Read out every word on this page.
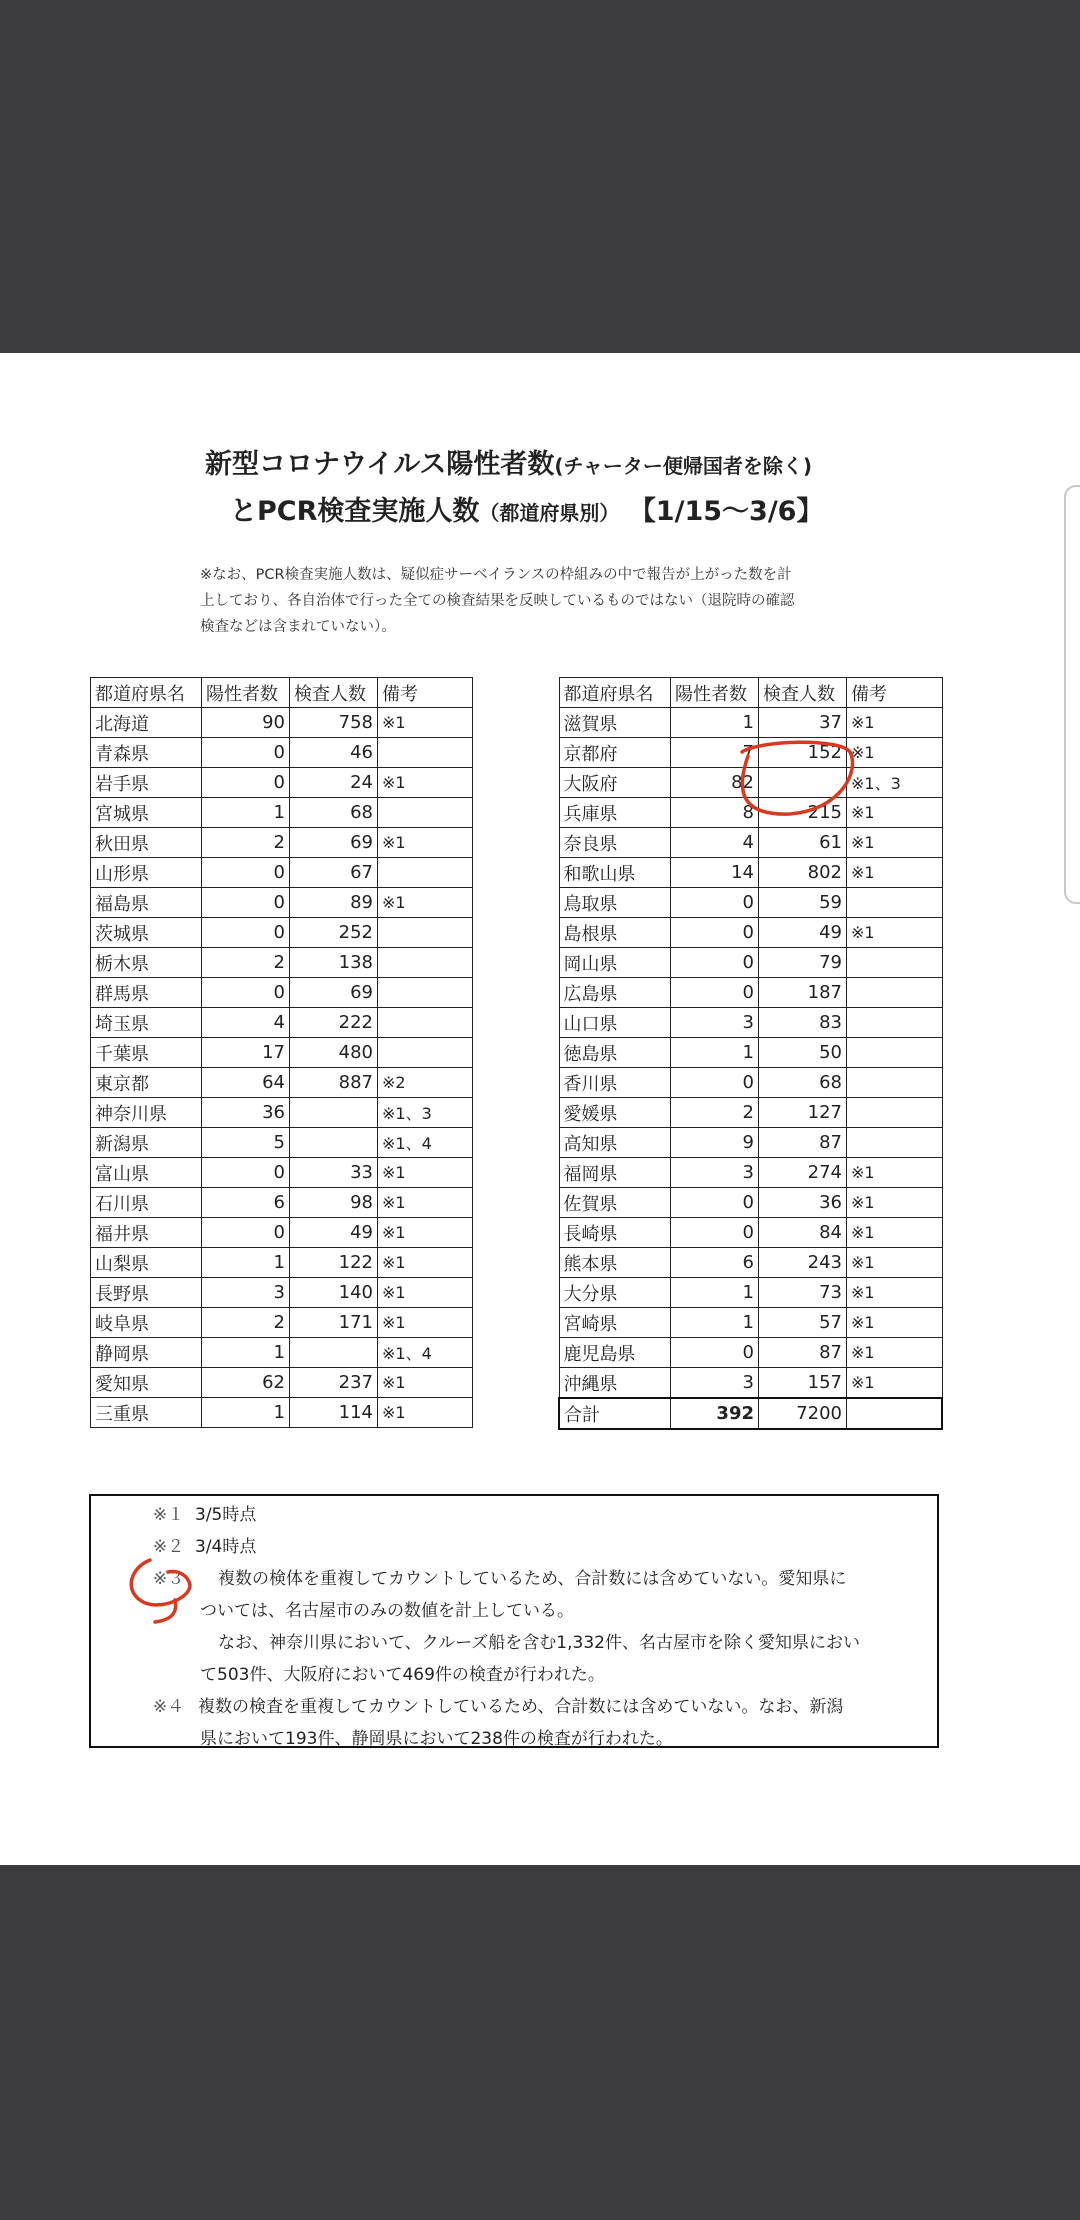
新型コロナウイルス陽性者数(チャーター便帰国者を除く)
とPCR検査実施人数（都道府県別） 【1/15～3/6】
※なお、PCR検査実施人数は、疑似症サーベイランスの枠組みの中で報告が上がった数を計
上しており、各自治体で行った全ての検査結果を反映しているものではない（退院時の確認
検査などは含まれていない）。
都道府県名	陽性者数	検査人数	備考
北海道	90	758	※1
青森県	0	46	
岩手県	0	24	※1
宮城県	1	68	
秋田県	2	69	※1
山形県	0	67	
福島県	0	89	※1
茨城県	0	252	
栃木県	2	138	
群馬県	0	69	
埼玉県	4	222	
千葉県	17	480	
東京都	64	887	※2
神奈川県	36		※1、3
新潟県	5		※1、4
富山県	0	33	※1
石川県	6	98	※1
福井県	0	49	※1
山梨県	1	122	※1
長野県	3	140	※1
岐阜県	2	171	※1
静岡県	1		※1、4
愛知県	62	237	※1
三重県	1	114	※1
都道府県名	陽性者数	検査人数	備考
滋賀県	1	37	※1
京都府	7	152	※1
大阪府	82		※1、3
兵庫県	8	215	※1
奈良県	4	61	※1
和歌山県	14	802	※1
鳥取県	0	59	
島根県	0	49	※1
岡山県	0	79	
広島県	0	187	
山口県	3	83	
徳島県	1	50	
香川県	0	68	
愛媛県	2	127	
高知県	9	87	
福岡県	3	274	※1
佐賀県	0	36	※1
長崎県	0	84	※1
熊本県	6	243	※1
大分県	1	73	※1
宮崎県	1	57	※1
鹿児島県	0	87	※1
沖縄県	3	157	※1
合計	392	7200	
※１ 3/5時点
※２ 3/4時点
※３ 複数の検体を重複してカウントしているため、合計数には含めていない。愛知県に
ついては、名古屋市のみの数値を計上している。
なお、神奈川県において、クルーズ船を含む1,332件、名古屋市を除く愛知県におい
て503件、大阪府において469件の検査が行われた。
※４ 複数の検査を重複してカウントしているため、合計数には含めていない。なお、新潟
県において193件、静岡県において238件の検査が行われた。
